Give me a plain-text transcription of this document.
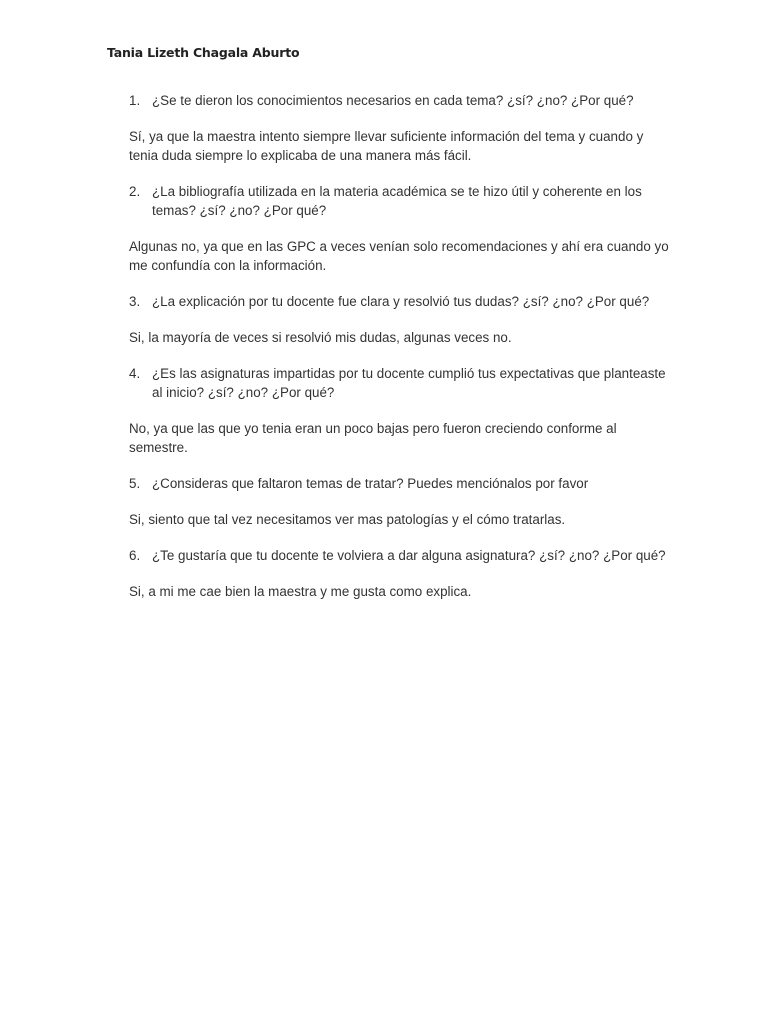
Tania Lizeth Chagala Aburto

1. ¿Se te dieron los conocimientos necesarios en cada tema? ¿sí? ¿no? ¿Por qué?

Sí, ya que la maestra intento siempre llevar suficiente información del tema y cuando y tenia duda siempre lo explicaba de una manera más fácil.

2. ¿La bibliografía utilizada en la materia académica se te hizo útil y coherente en los temas? ¿sí? ¿no? ¿Por qué?

Algunas no, ya que en las GPC a veces venían solo recomendaciones y ahí era cuando yo me confundía con la información.

3. ¿La explicación por tu docente fue clara y resolvió tus dudas? ¿sí? ¿no? ¿Por qué?

Si, la mayoría de veces si resolvió mis dudas, algunas veces no.

4. ¿Es las asignaturas impartidas por tu docente cumplió tus expectativas que planteaste al inicio? ¿sí? ¿no? ¿Por qué?

No, ya que las que yo tenia eran un poco bajas pero fueron creciendo conforme al semestre.

5. ¿Consideras que faltaron temas de tratar? Puedes menciónalos por favor

Si, siento que tal vez necesitamos ver mas patologías y el cómo tratarlas.

6. ¿Te gustaría que tu docente te volviera a dar alguna asignatura? ¿sí? ¿no? ¿Por qué?

Si, a mi me cae bien la maestra y me gusta como explica.
